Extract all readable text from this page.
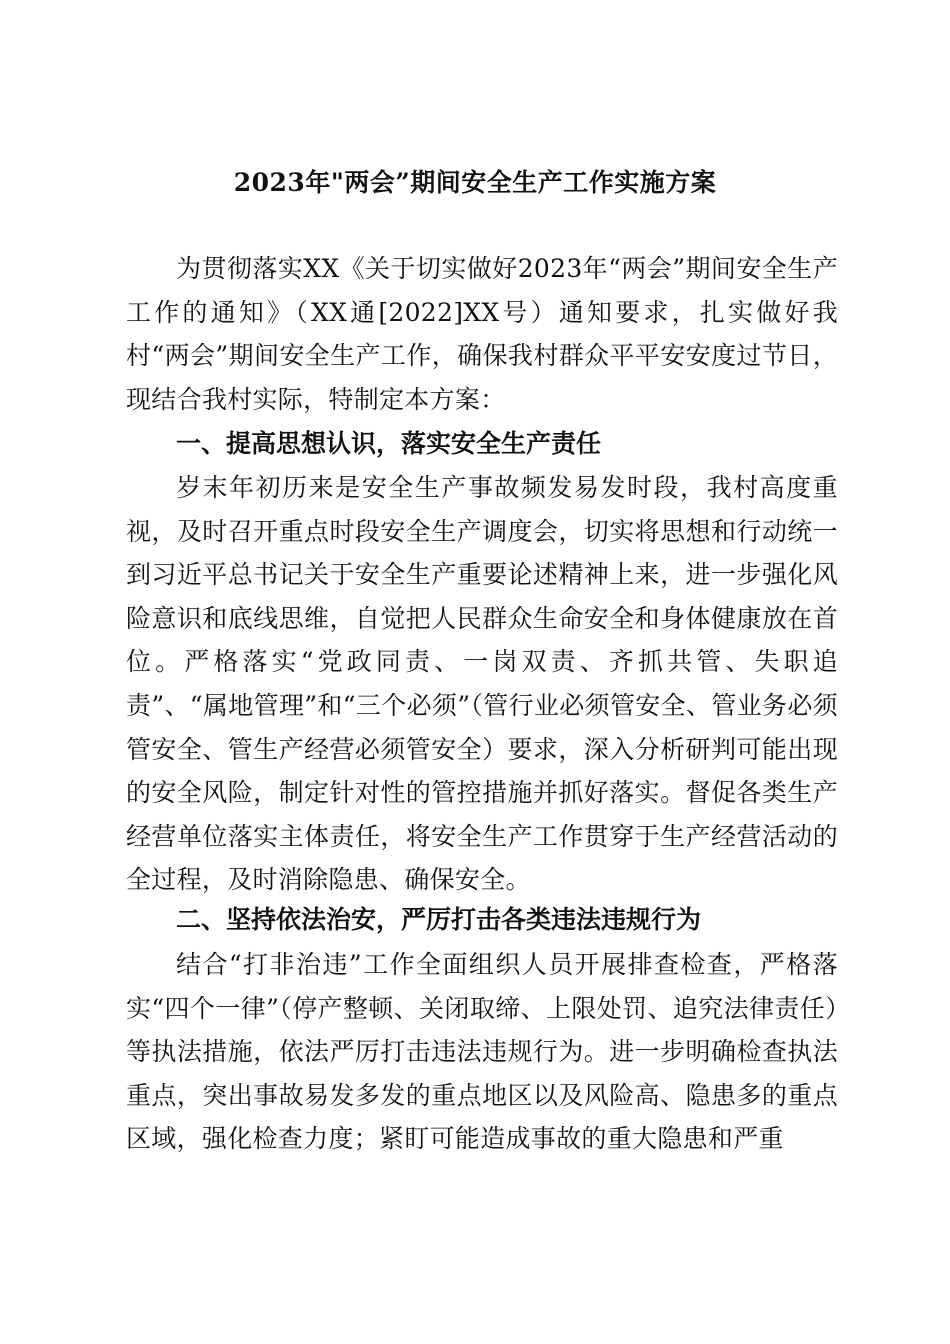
2023年"两会”期间安全生产工作实施方案

为贯彻落实XX《关于切实做好2023年“两会”期间安全生产工作的通知》（XX通[2022]XX号）通知要求，扎实做好我村“两会”期间安全生产工作，确保我村群众平平安安度过节日，现结合我村实际，特制定本方案：

一、提高思想认识，落实安全生产责任

岁末年初历来是安全生产事故频发易发时段，我村高度重视，及时召开重点时段安全生产调度会，切实将思想和行动统一到习近平总书记关于安全生产重要论述精神上来，进一步强化风险意识和底线思维，自觉把人民群众生命安全和身体健康放在首位。严格落实“党政同责、一岗双责、齐抓共管、失职追责”、“属地管理”和“三个必须”（管行业必须管安全、管业务必须管安全、管生产经营必须管安全）要求，深入分析研判可能出现的安全风险，制定针对性的管控措施并抓好落实。督促各类生产经营单位落实主体责任，将安全生产工作贯穿于生产经营活动的全过程，及时消除隐患、确保安全。

二、坚持依法治安，严厉打击各类违法违规行为

结合“打非治违”工作全面组织人员开展排查检查，严格落实“四个一律”（停产整顿、关闭取缔、上限处罚、追究法律责任）等执法措施，依法严厉打击违法违规行为。进一步明确检查执法重点，突出事故易发多发的重点地区以及风险高、隐患多的重点区域，强化检查力度；紧盯可能造成事故的重大隐患和严重
